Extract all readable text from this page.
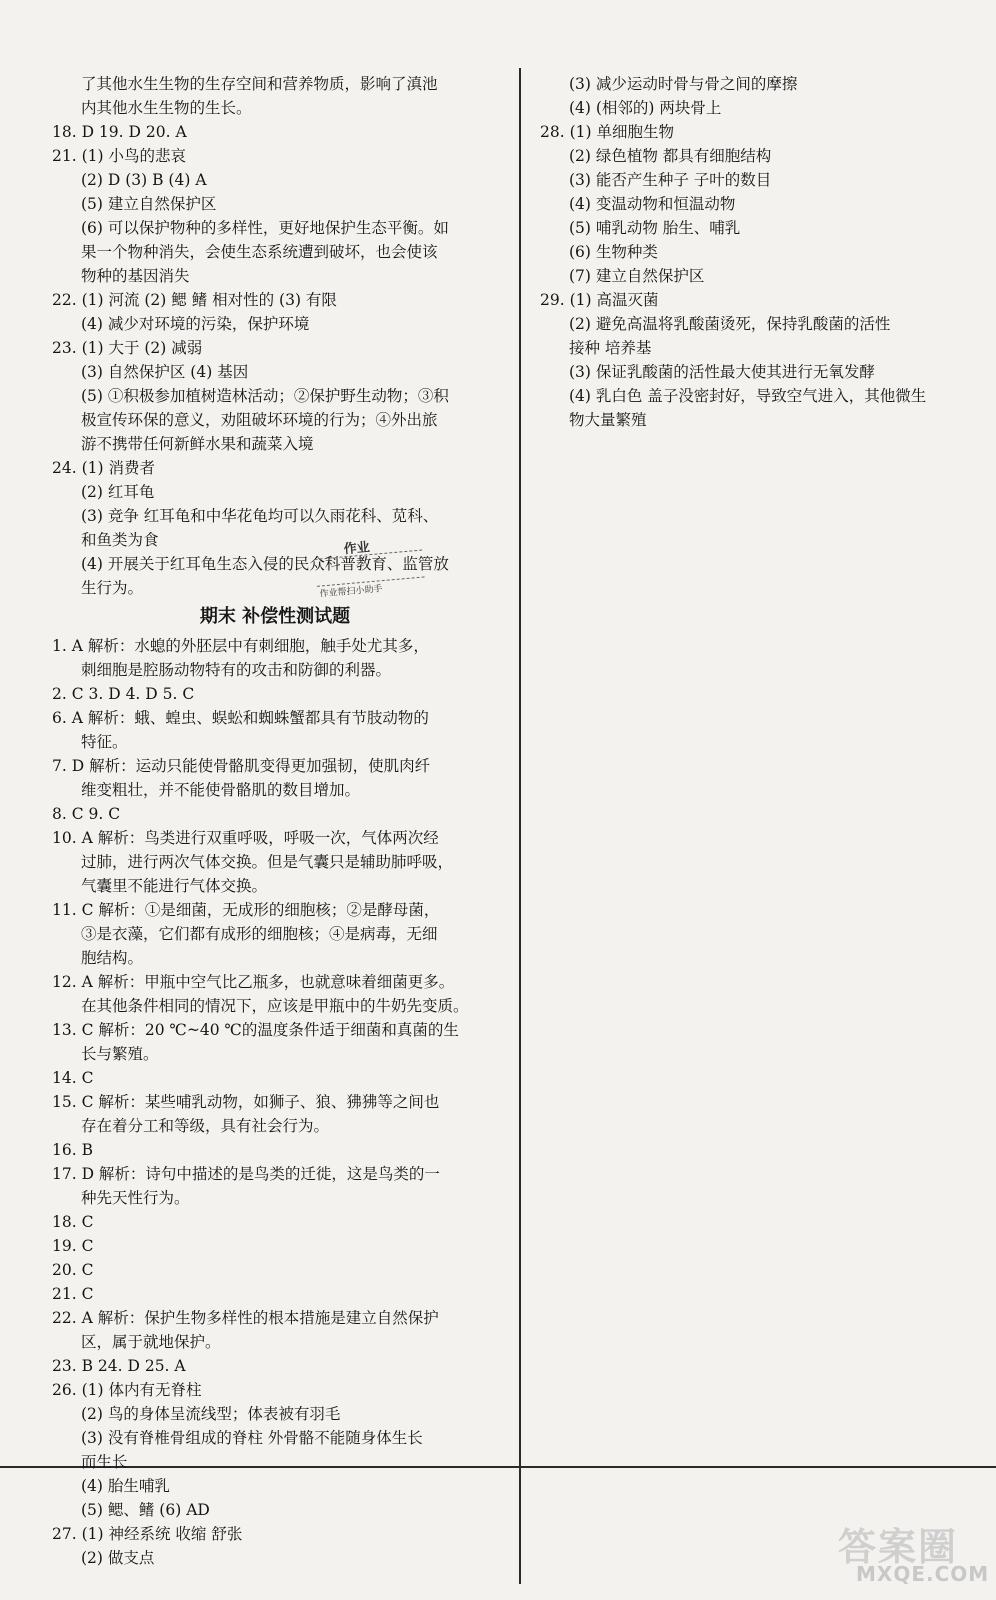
了其他水生生物的生存空间和营养物质，影响了滇池
内其他水生生物的生长。
18. D 19. D 20. A
21. (1) 小鸟的悲哀
(2) D (3) B (4) A
(5) 建立自然保护区
(6) 可以保护物种的多样性，更好地保护生态平衡。如
果一个物种消失，会使生态系统遭到破坏，也会使该
物种的基因消失
22. (1) 河流 (2) 鳃 鳍 相对性的 (3) 有限
(4) 减少对环境的污染，保护环境
23. (1) 大于 (2) 减弱
(3) 自然保护区 (4) 基因
(5) ①积极参加植树造林活动；②保护野生动物；③积
极宣传环保的意义，劝阻破坏环境的行为；④外出旅
游不携带任何新鲜水果和蔬菜入境
24. (1) 消费者
(2) 红耳龟
(3) 竞争 红耳龟和中华花龟均可以久雨花科、苋科、
和鱼类为食
(4) 开展关于红耳龟生态入侵的民众科普教育、监管放
生行为。
期末 补偿性测试题
1. A 解析：水螅的外胚层中有刺细胞，触手处尤其多，
刺细胞是腔肠动物特有的攻击和防御的利器。
2. C 3. D 4. D 5. C
6. A 解析：蛾、蝗虫、蜈蚣和蜘蛛蟹都具有节肢动物的
特征。
7. D 解析：运动只能使骨骼肌变得更加强韧，使肌肉纤
维变粗壮，并不能使骨骼肌的数目增加。
8. C 9. C
10. A 解析：鸟类进行双重呼吸，呼吸一次，气体两次经
过肺，进行两次气体交换。但是气囊只是辅助肺呼吸，
气囊里不能进行气体交换。
11. C 解析：①是细菌，无成形的细胞核；②是酵母菌，
③是衣藻，它们都有成形的细胞核；④是病毒，无细
胞结构。
12. A 解析：甲瓶中空气比乙瓶多，也就意味着细菌更多。
在其他条件相同的情况下，应该是甲瓶中的牛奶先变质。
13. C 解析：20 ℃~40 ℃的温度条件适于细菌和真菌的生
长与繁殖。
14. C
15. C 解析：某些哺乳动物，如狮子、狼、狒狒等之间也
存在着分工和等级，具有社会行为。
16. B
17. D 解析：诗句中描述的是鸟类的迁徙，这是鸟类的一
种先天性行为。
18. C
19. C
20. C
21. C
22. A 解析：保护生物多样性的根本措施是建立自然保护
区，属于就地保护。
23. B 24. D 25. A
26. (1) 体内有无脊柱
(2) 鸟的身体呈流线型；体表被有羽毛
(3) 没有脊椎骨组成的脊柱 外骨骼不能随身体生长
而生长
(4) 胎生哺乳
(5) 鳃、鳍 (6) AD
27. (1) 神经系统 收缩 舒张
(2) 做支点
(3) 减少运动时骨与骨之间的摩擦
(4) (相邻的) 两块骨上
28. (1) 单细胞生物
(2) 绿色植物 都具有细胞结构
(3) 能否产生种子 子叶的数目
(4) 变温动物和恒温动物
(5) 哺乳动物 胎生、哺乳
(6) 生物种类
(7) 建立自然保护区
29. (1) 高温灭菌
(2) 避免高温将乳酸菌烫死，保持乳酸菌的活性
接种 培养基
(3) 保证乳酸菌的活性最大使其进行无氧发酵
(4) 乳白色 盖子没密封好，导致空气进入，其他微生
物大量繁殖
作业
作业帮扫小助手
答案圈
MXQE.COM
